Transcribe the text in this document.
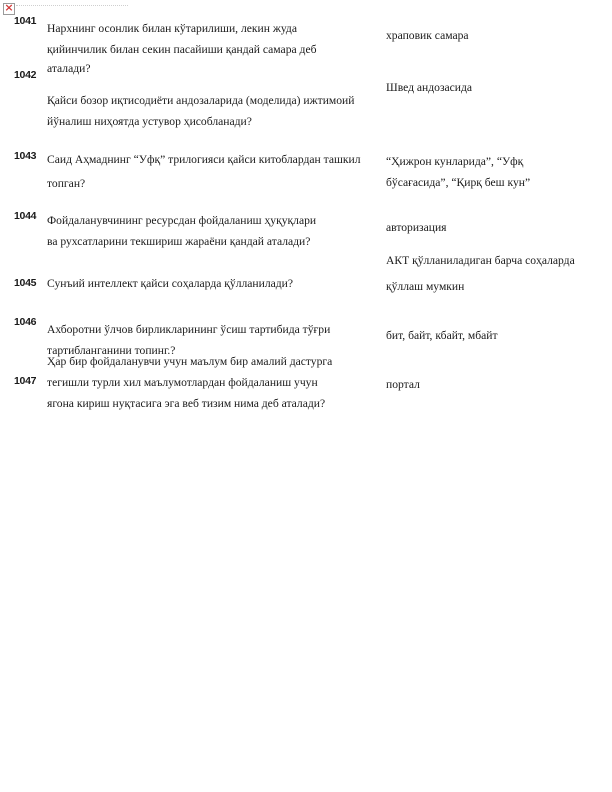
×
1041
Нархнинг осонлик билан кўтарилиши, лекин жуда
қийинчилик билан секин пасайиши қандай самара деб
аталади?
храповик самара
1042
Қайси бозор иқтисодиёти андозаларида (моделида) ижтимоий
йўналиш ниҳоятда устувор ҳисобланади?
Швед андозасида
1043 Саид Аҳмаднинг “Уфқ” трилогияси қайси китоблардан ташкил
топган?
“Ҳижрон кунларида”, “Уфқ
бўсағасида”, “Қирқ беш кун”
1044 Фойдаланувчининг ресурсдан фойдаланиш ҳуқуқлари
ва рухсатларини текшириш жараёни қандай аталади?
авторизация
1045 Сунъий интеллект қайси соҳаларда қўлланилади?
АКТ қўлланиладиган барча соҳаларда
қўллаш мумкин
1046
Ахборотни ўлчов бирликларининг ўсиш тартибида тўғри
тартибланганини топинг.?
бит, байт, кбайт, мбайт
1047
Ҳар бир фойдаланувчи учун маълум бир амалий дастурга
тегишли турли хил маълумотлардан фойдаланиш учун
ягона кириш нуқтасига эга веб тизим нима деб аталади?
портал
